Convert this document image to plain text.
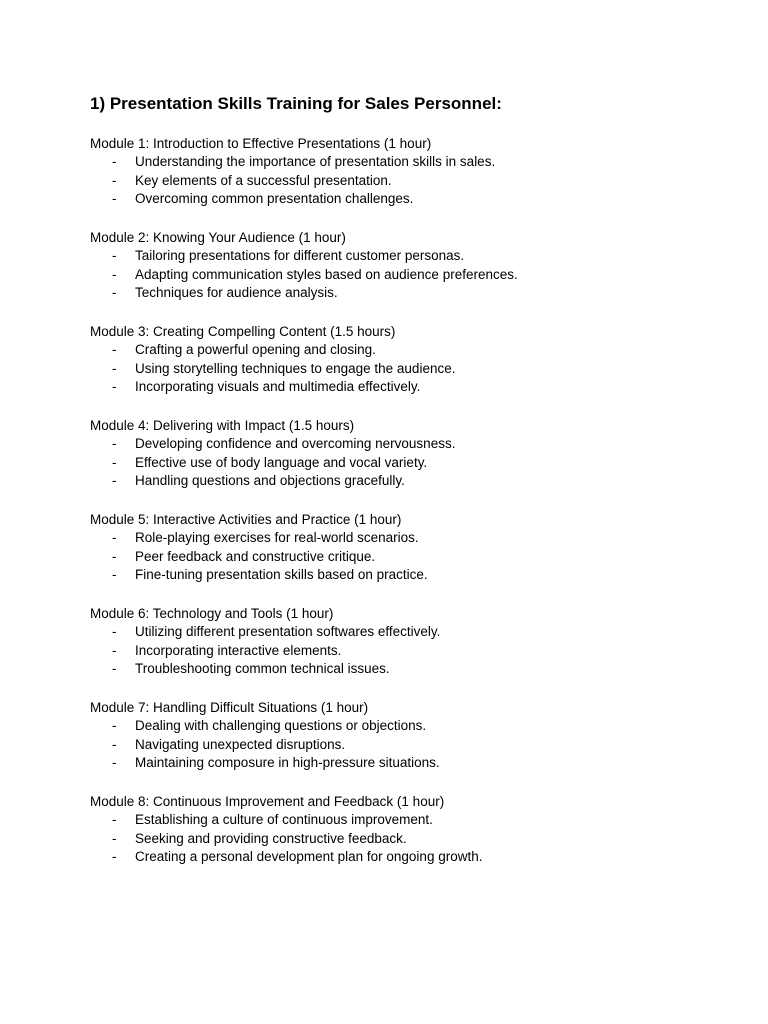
1) Presentation Skills Training for Sales Personnel:

Module 1: Introduction to Effective Presentations (1 hour)

- Understanding the importance of presentation skills in sales.
- Key elements of a successful presentation.
- Overcoming common presentation challenges.

Module 2: Knowing Your Audience (1 hour)

- Tailoring presentations for different customer personas.
- Adapting communication styles based on audience preferences.
- Techniques for audience analysis.

Module 3: Creating Compelling Content (1.5 hours)

- Crafting a powerful opening and closing.
- Using storytelling techniques to engage the audience.
- Incorporating visuals and multimedia effectively.

Module 4: Delivering with Impact (1.5 hours)

- Developing confidence and overcoming nervousness.
- Effective use of body language and vocal variety.
- Handling questions and objections gracefully.

Module 5: Interactive Activities and Practice (1 hour)

- Role-playing exercises for real-world scenarios.
- Peer feedback and constructive critique.
- Fine-tuning presentation skills based on practice.

Module 6: Technology and Tools (1 hour)

- Utilizing different presentation softwares effectively.
- Incorporating interactive elements.
- Troubleshooting common technical issues.

Module 7: Handling Difficult Situations (1 hour)

- Dealing with challenging questions or objections.
- Navigating unexpected disruptions.
- Maintaining composure in high-pressure situations.

Module 8: Continuous Improvement and Feedback (1 hour)

- Establishing a culture of continuous improvement.
- Seeking and providing constructive feedback.
- Creating a personal development plan for ongoing growth.
